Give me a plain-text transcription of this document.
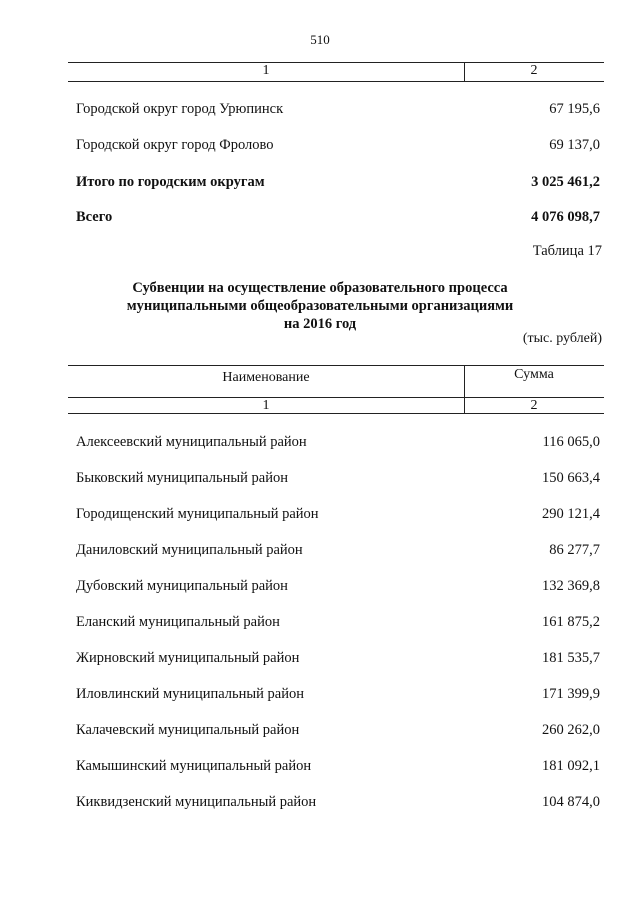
510
1	2
Городской округ город Урюпинск	67 195,6
Городской округ город Фролово	69 137,0
Итого по городским округам	3 025 461,2
Всего	4 076 098,7
Таблица 17
Субвенции на осуществление образовательного процесса
муниципальными общеобразовательными организациями
на 2016 год
(тыс. рублей)
Наименование	Сумма
1	2
Алексеевский муниципальный район	116 065,0
Быковский муниципальный район	150 663,4
Городищенский муниципальный район	290 121,4
Даниловский муниципальный район	86 277,7
Дубовский муниципальный район	132 369,8
Еланский муниципальный район	161 875,2
Жирновский муниципальный район	181 535,7
Иловлинский муниципальный район	171 399,9
Калачевский муниципальный район	260 262,0
Камышинский муниципальный район	181 092,1
Киквидзенский муниципальный район	104 874,0
